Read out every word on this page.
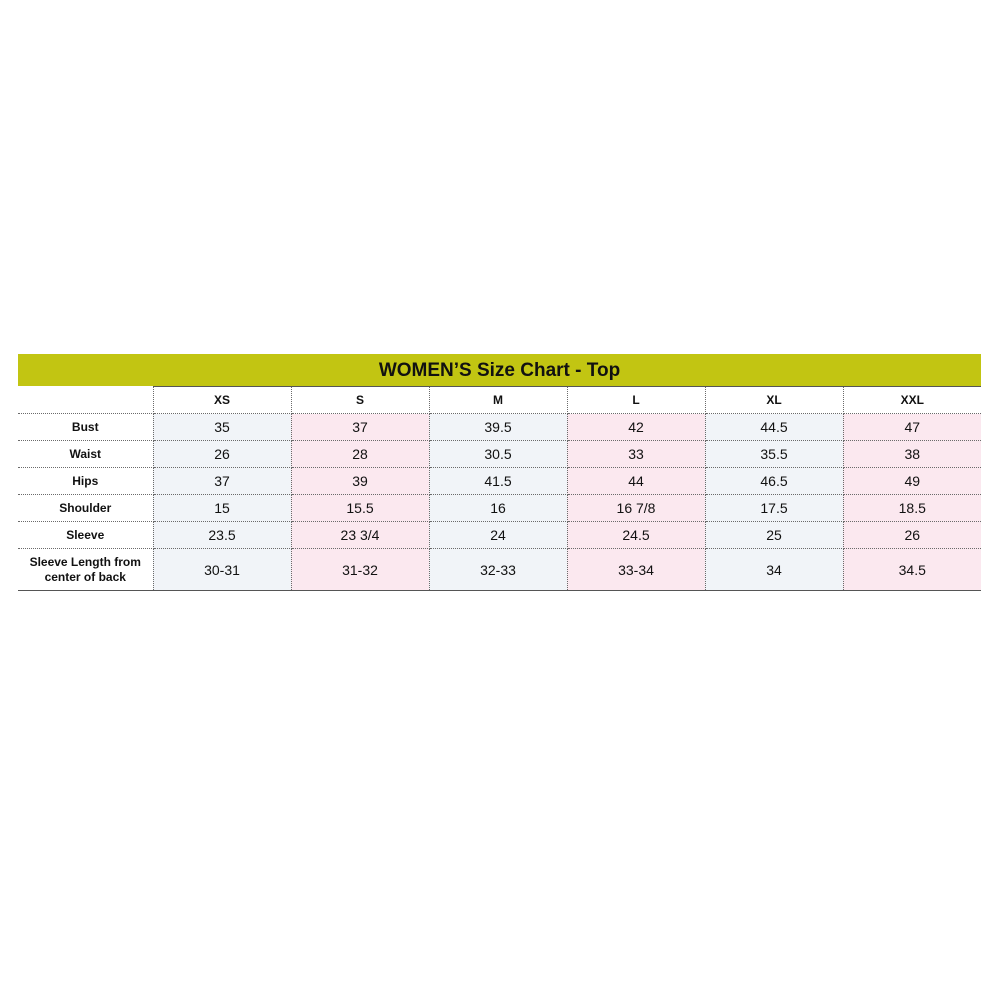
WOMEN’S Size Chart - Top
	XS	S	M	L	XL	XXL
Bust	35	37	39.5	42	44.5	47
Waist	26	28	30.5	33	35.5	38
Hips	37	39	41.5	44	46.5	49
Shoulder	15	15.5	16	16 7/8	17.5	18.5
Sleeve	23.5	23 3/4	24	24.5	25	26
Sleeve Length from
center of back	30-31	31-32	32-33	33-34	34	34.5
